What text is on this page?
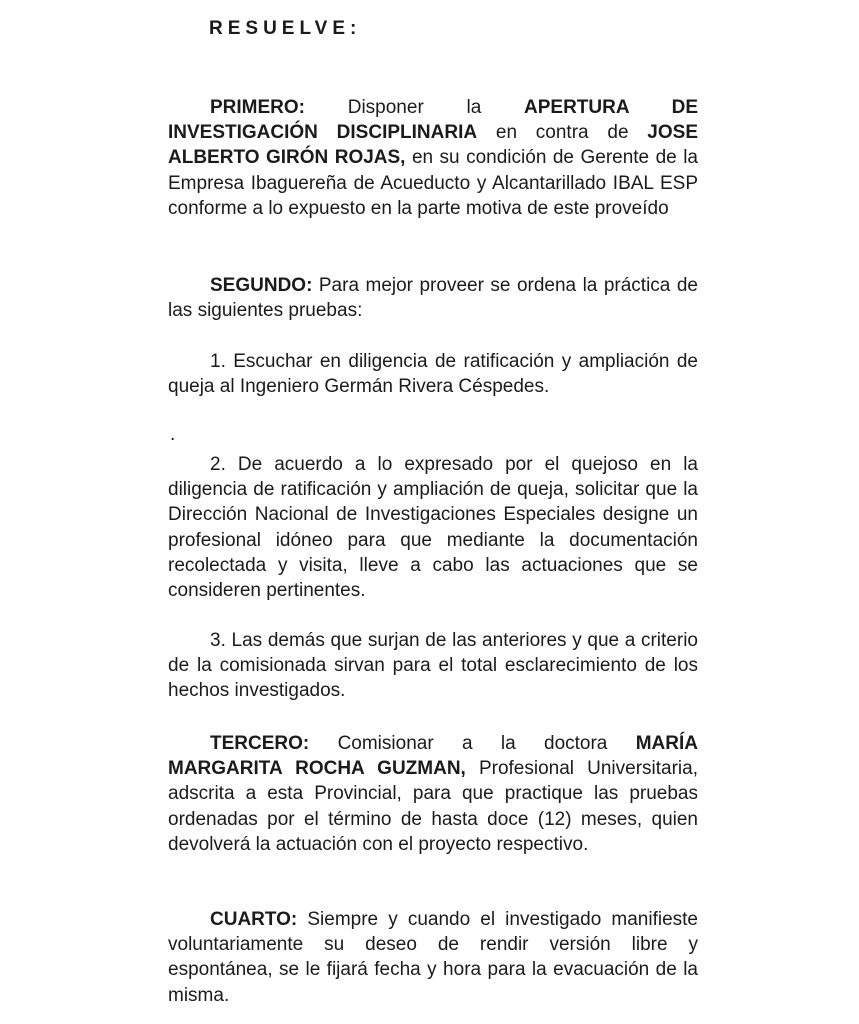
RESUELVE:

PRIMERO: Disponer la APERTURA DE INVESTIGACIÓN DISCIPLINARIA en contra de JOSE ALBERTO GIRÓN ROJAS, en su condición de Gerente de la Empresa Ibaguereña de Acueducto y Alcantarillado IBAL ESP conforme a lo expuesto en la parte motiva de este proveído

SEGUNDO: Para mejor proveer se ordena la práctica de las siguientes pruebas:

1. Escuchar en diligencia de ratificación y ampliación de queja al Ingeniero Germán Rivera Céspedes.

.

2. De acuerdo a lo expresado por el quejoso en la diligencia de ratificación y ampliación de queja, solicitar que la Dirección Nacional de Investigaciones Especiales designe un profesional idóneo para que mediante la documentación recolectada y visita, lleve a cabo las actuaciones que se consideren pertinentes.

3. Las demás que surjan de las anteriores y que a criterio de la comisionada sirvan para el total esclarecimiento de los hechos investigados.

TERCERO: Comisionar a la doctora MARÍA MARGARITA ROCHA GUZMAN, Profesional Universitaria, adscrita a esta Provincial, para que practique las pruebas ordenadas por el término de hasta doce (12) meses, quien devolverá la actuación con el proyecto respectivo.

CUARTO: Siempre y cuando el investigado manifieste voluntariamente su deseo de rendir versión libre y espontánea, se le fijará fecha y hora para la evacuación de la misma.
